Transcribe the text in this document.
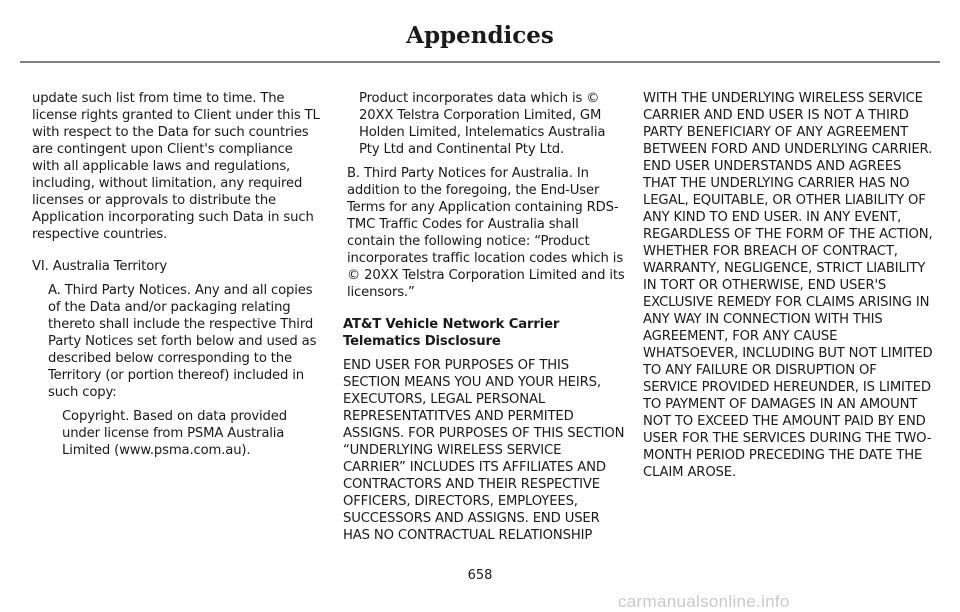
Appendices

update such list from time to time. The license rights granted to Client under this TL with respect to the Data for such countries are contingent upon Client's compliance with all applicable laws and regulations, including, without limitation, any required licenses or approvals to distribute the Application incorporating such Data in such respective countries.

VI. Australia Territory

A. Third Party Notices. Any and all copies of the Data and/or packaging relating thereto shall include the respective Third Party Notices set forth below and used as described below corresponding to the Territory (or portion thereof) included in such copy:

Copyright. Based on data provided under license from PSMA Australia Limited (www.psma.com.au).

Product incorporates data which is © 20XX Telstra Corporation Limited, GM Holden Limited, Intelematics Australia Pty Ltd and Continental Pty Ltd.

B. Third Party Notices for Australia. In addition to the foregoing, the End-User Terms for any Application containing RDS-TMC Traffic Codes for Australia shall contain the following notice: “Product incorporates traffic location codes which is © 20XX Telstra Corporation Limited and its licensors.”

AT&T Vehicle Network Carrier Telematics Disclosure

END USER FOR PURPOSES OF THIS SECTION MEANS YOU AND YOUR HEIRS, EXECUTORS, LEGAL PERSONAL REPRESENTATITVES AND PERMITED ASSIGNS. FOR PURPOSES OF THIS SECTION “UNDERLYING WIRELESS SERVICE CARRIER” INCLUDES ITS AFFILIATES AND CONTRACTORS AND THEIR RESPECTIVE OFFICERS, DIRECTORS, EMPLOYEES, SUCCESSORS AND ASSIGNS. END USER HAS NO CONTRACTUAL RELATIONSHIP

WITH THE UNDERLYING WIRELESS SERVICE CARRIER AND END USER IS NOT A THIRD PARTY BENEFICIARY OF ANY AGREEMENT BETWEEN FORD AND UNDERLYING CARRIER. END USER UNDERSTANDS AND AGREES THAT THE UNDERLYING CARRIER HAS NO LEGAL, EQUITABLE, OR OTHER LIABILITY OF ANY KIND TO END USER. IN ANY EVENT, REGARDLESS OF THE FORM OF THE ACTION, WHETHER FOR BREACH OF CONTRACT, WARRANTY, NEGLIGENCE, STRICT LIABILITY IN TORT OR OTHERWISE, END USER'S EXCLUSIVE REMEDY FOR CLAIMS ARISING IN ANY WAY IN CONNECTION WITH THIS AGREEMENT, FOR ANY CAUSE WHATSOEVER, INCLUDING BUT NOT LIMITED TO ANY FAILURE OR DISRUPTION OF SERVICE PROVIDED HEREUNDER, IS LIMITED TO PAYMENT OF DAMAGES IN AN AMOUNT NOT TO EXCEED THE AMOUNT PAID BY END USER FOR THE SERVICES DURING THE TWO-MONTH PERIOD PRECEDING THE DATE THE CLAIM AROSE.

658
carmanualsonline.info
